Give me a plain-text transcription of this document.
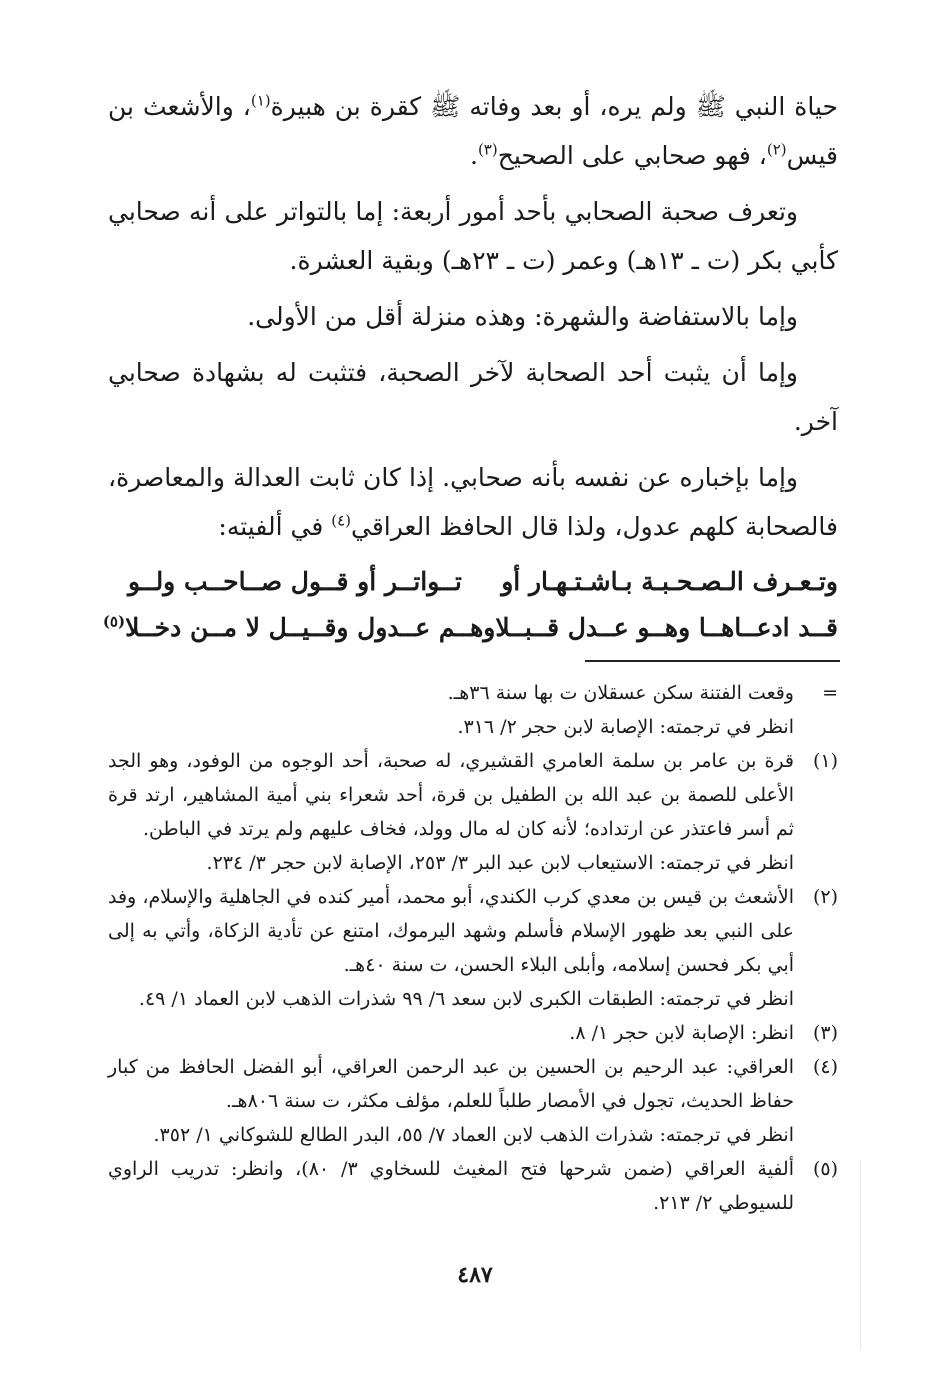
حياة النبي ﷺ ولم يره، أو بعد وفاته ﷺ كقرة بن هبيرة$^{(١)}$، والأشعث بن قيس$^{(٢)}$، فهو صحابي على الصحيح$^{(٣)}$.

وتعرف صحبة الصحابي بأحد أمور أربعة: إما بالتواتر على أنه صحابي كأبي بكر (ت ـ ١٣هـ) وعمر (ت ـ ٢٣هـ) وبقية العشرة.

وإما بالاستفاضة والشهرة: وهذه منزلة أقل من الأولى.

وإما أن يثبت أحد الصحابة لآخر الصحبة، فتثبت له بشهادة صحابي آخر.

وإما بإخباره عن نفسه بأنه صحابي. إذا كان ثابت العدالة والمعاصرة، فالصحابة كلهم عدول، ولذا قال الحافظ العراقي$^{(٤)}$ في ألفيته:

وتـعـرف الـصـحـبـة بـاشـتـهـار أو
تــواتــر أو قــول صــاحــب ولــو
قــد ادعــاهــا وهــو عــدل قــبــلا
وهــم عــدول وقــيــل لا مــن دخــلا$^{(٥)}$
=
وقعت الفتنة سكن عسقلان ت بها سنة ٣٦هـ.
انظر في ترجمته: الإصابة لابن حجر ٢/ ٣١٦.
(١)
قرة بن عامر بن سلمة العامري القشيري، له صحبة، أحد الوجوه من الوفود، وهو الجد الأعلى للصمة بن عبد الله بن الطفيل بن قرة، أحد شعراء بني أمية المشاهير، ارتد قرة ثم أسر فاعتذر عن ارتداده؛ لأنه كان له مال وولد، فخاف عليهم ولم يرتد في الباطن.
انظر في ترجمته: الاستيعاب لابن عبد البر ٣/ ٢٥٣، الإصابة لابن حجر ٣/ ٢٣٤.
(٢)
الأشعث بن قيس بن معدي كرب الكندي، أبو محمد، أمير كنده في الجاهلية والإسلام، وفد على النبي بعد ظهور الإسلام فأسلم وشهد اليرموك، امتنع عن تأدية الزكاة، وأتي به إلى أبي بكر فحسن إسلامه، وأبلى البلاء الحسن، ت سنة ٤٠هـ.
انظر في ترجمته: الطبقات الكبرى لابن سعد ٦/ ٩٩ شذرات الذهب لابن العماد ١/ ٤٩.
(٣)
انظر: الإصابة لابن حجر ١/ ٨.
(٤)
العراقي: عبد الرحيم بن الحسين بن عبد الرحمن العراقي، أبو الفضل الحافظ من كبار حفاظ الحديث، تجول في الأمصار طلباً للعلم، مؤلف مكثر، ت سنة ٨٠٦هـ.
انظر في ترجمته: شذرات الذهب لابن العماد ٧/ ٥٥، البدر الطالع للشوكاني ١/ ٣٥٢.
(٥)
ألفية العراقي (ضمن شرحها فتح المغيث للسخاوي ٣/ ٨٠)، وانظر: تدريب الراوي للسيوطي ٢/ ٢١٣.
٤٨٧
